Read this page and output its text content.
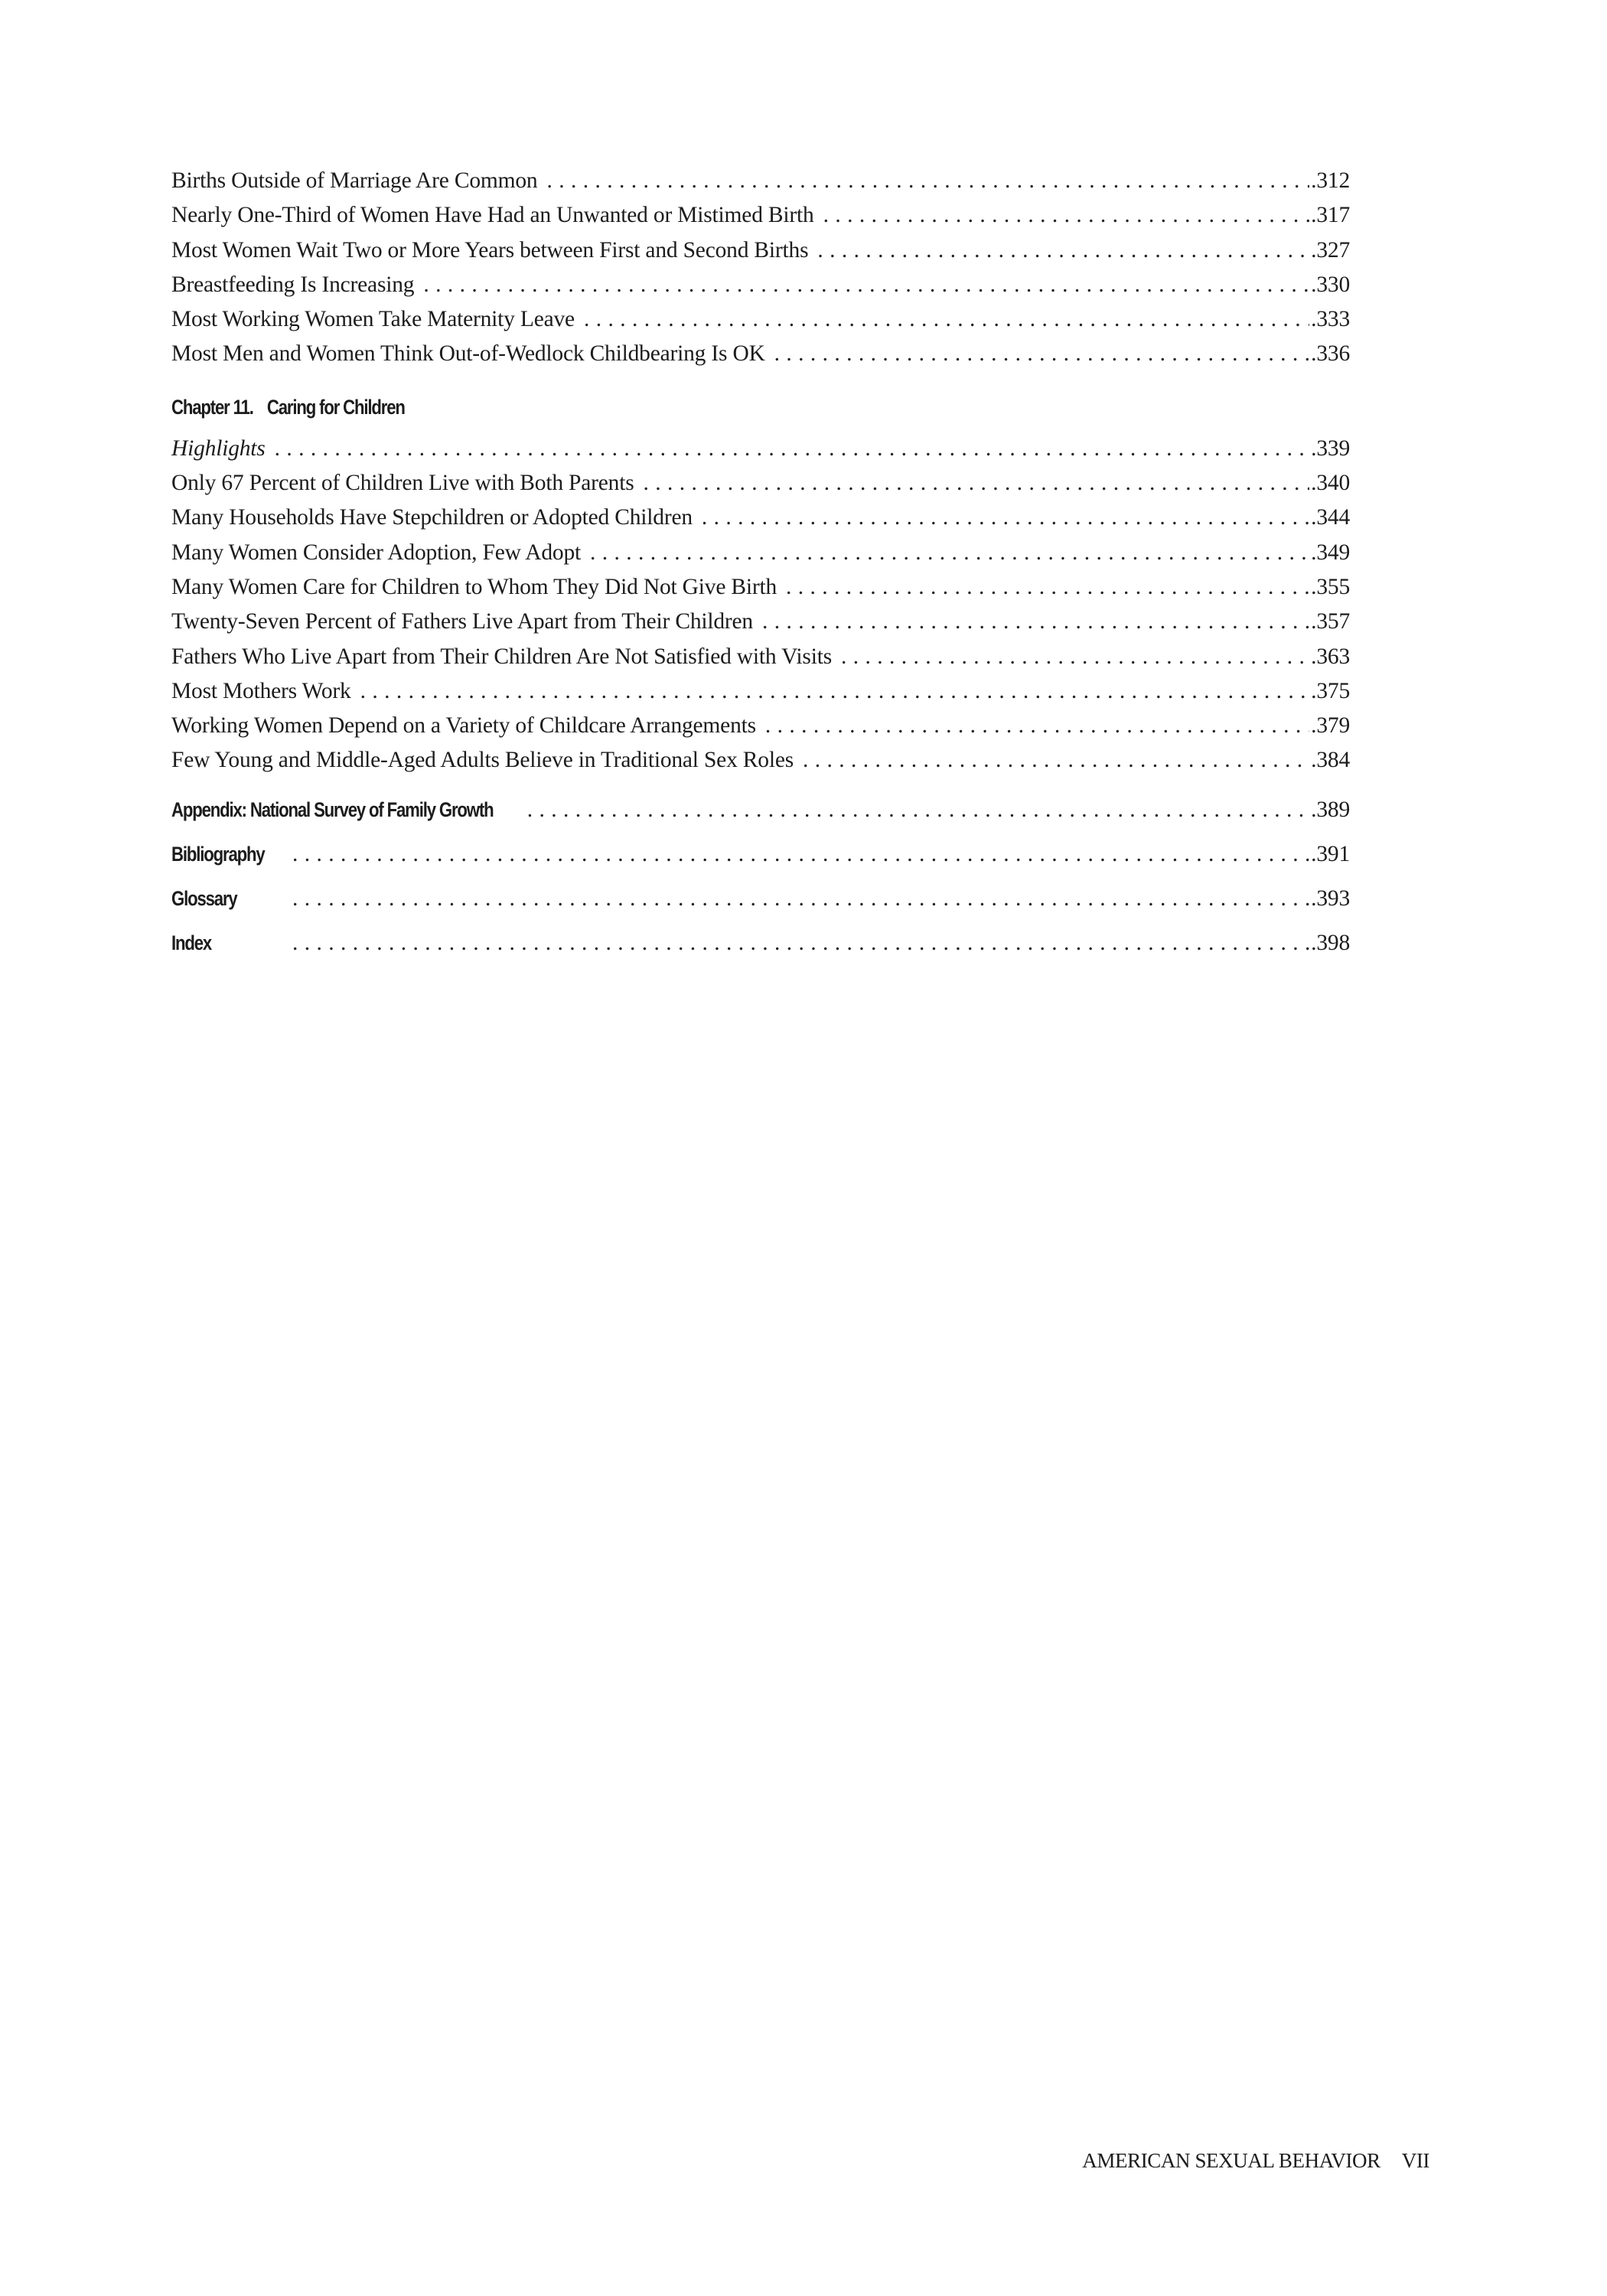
Births Outside of Marriage Are Common . . .	.312
Nearly One-Third of Women Have Had an Unwanted or Mistimed Birth . . .	.317
Most Women Wait Two or More Years between First and Second Births . . .	.327
Breastfeeding Is Increasing . . .	.330
Most Working Women Take Maternity Leave . . .	.333
Most Men and Women Think Out-of-Wedlock Childbearing Is OK . . .	.336
Chapter 11. Caring for Children
Highlights . . .	.339
Only 67 Percent of Children Live with Both Parents . . .	.340
Many Households Have Stepchildren or Adopted Children . . .	.344
Many Women Consider Adoption, Few Adopt . . .	.349
Many Women Care for Children to Whom They Did Not Give Birth . . .	.355
Twenty-Seven Percent of Fathers Live Apart from Their Children . . .	.357
Fathers Who Live Apart from Their Children Are Not Satisfied with Visits . . .	.363
Most Mothers Work . . .	.375
Working Women Depend on a Variety of Childcare Arrangements . . .	.379
Few Young and Middle-Aged Adults Believe in Traditional Sex Roles . . .	.384
Appendix: National Survey of Family Growth . . .	.389
Bibliography . . .	.391
Glossary . . .	.393
Index . . .	.398
AMERICAN SEXUAL BEHAVIOR VII
